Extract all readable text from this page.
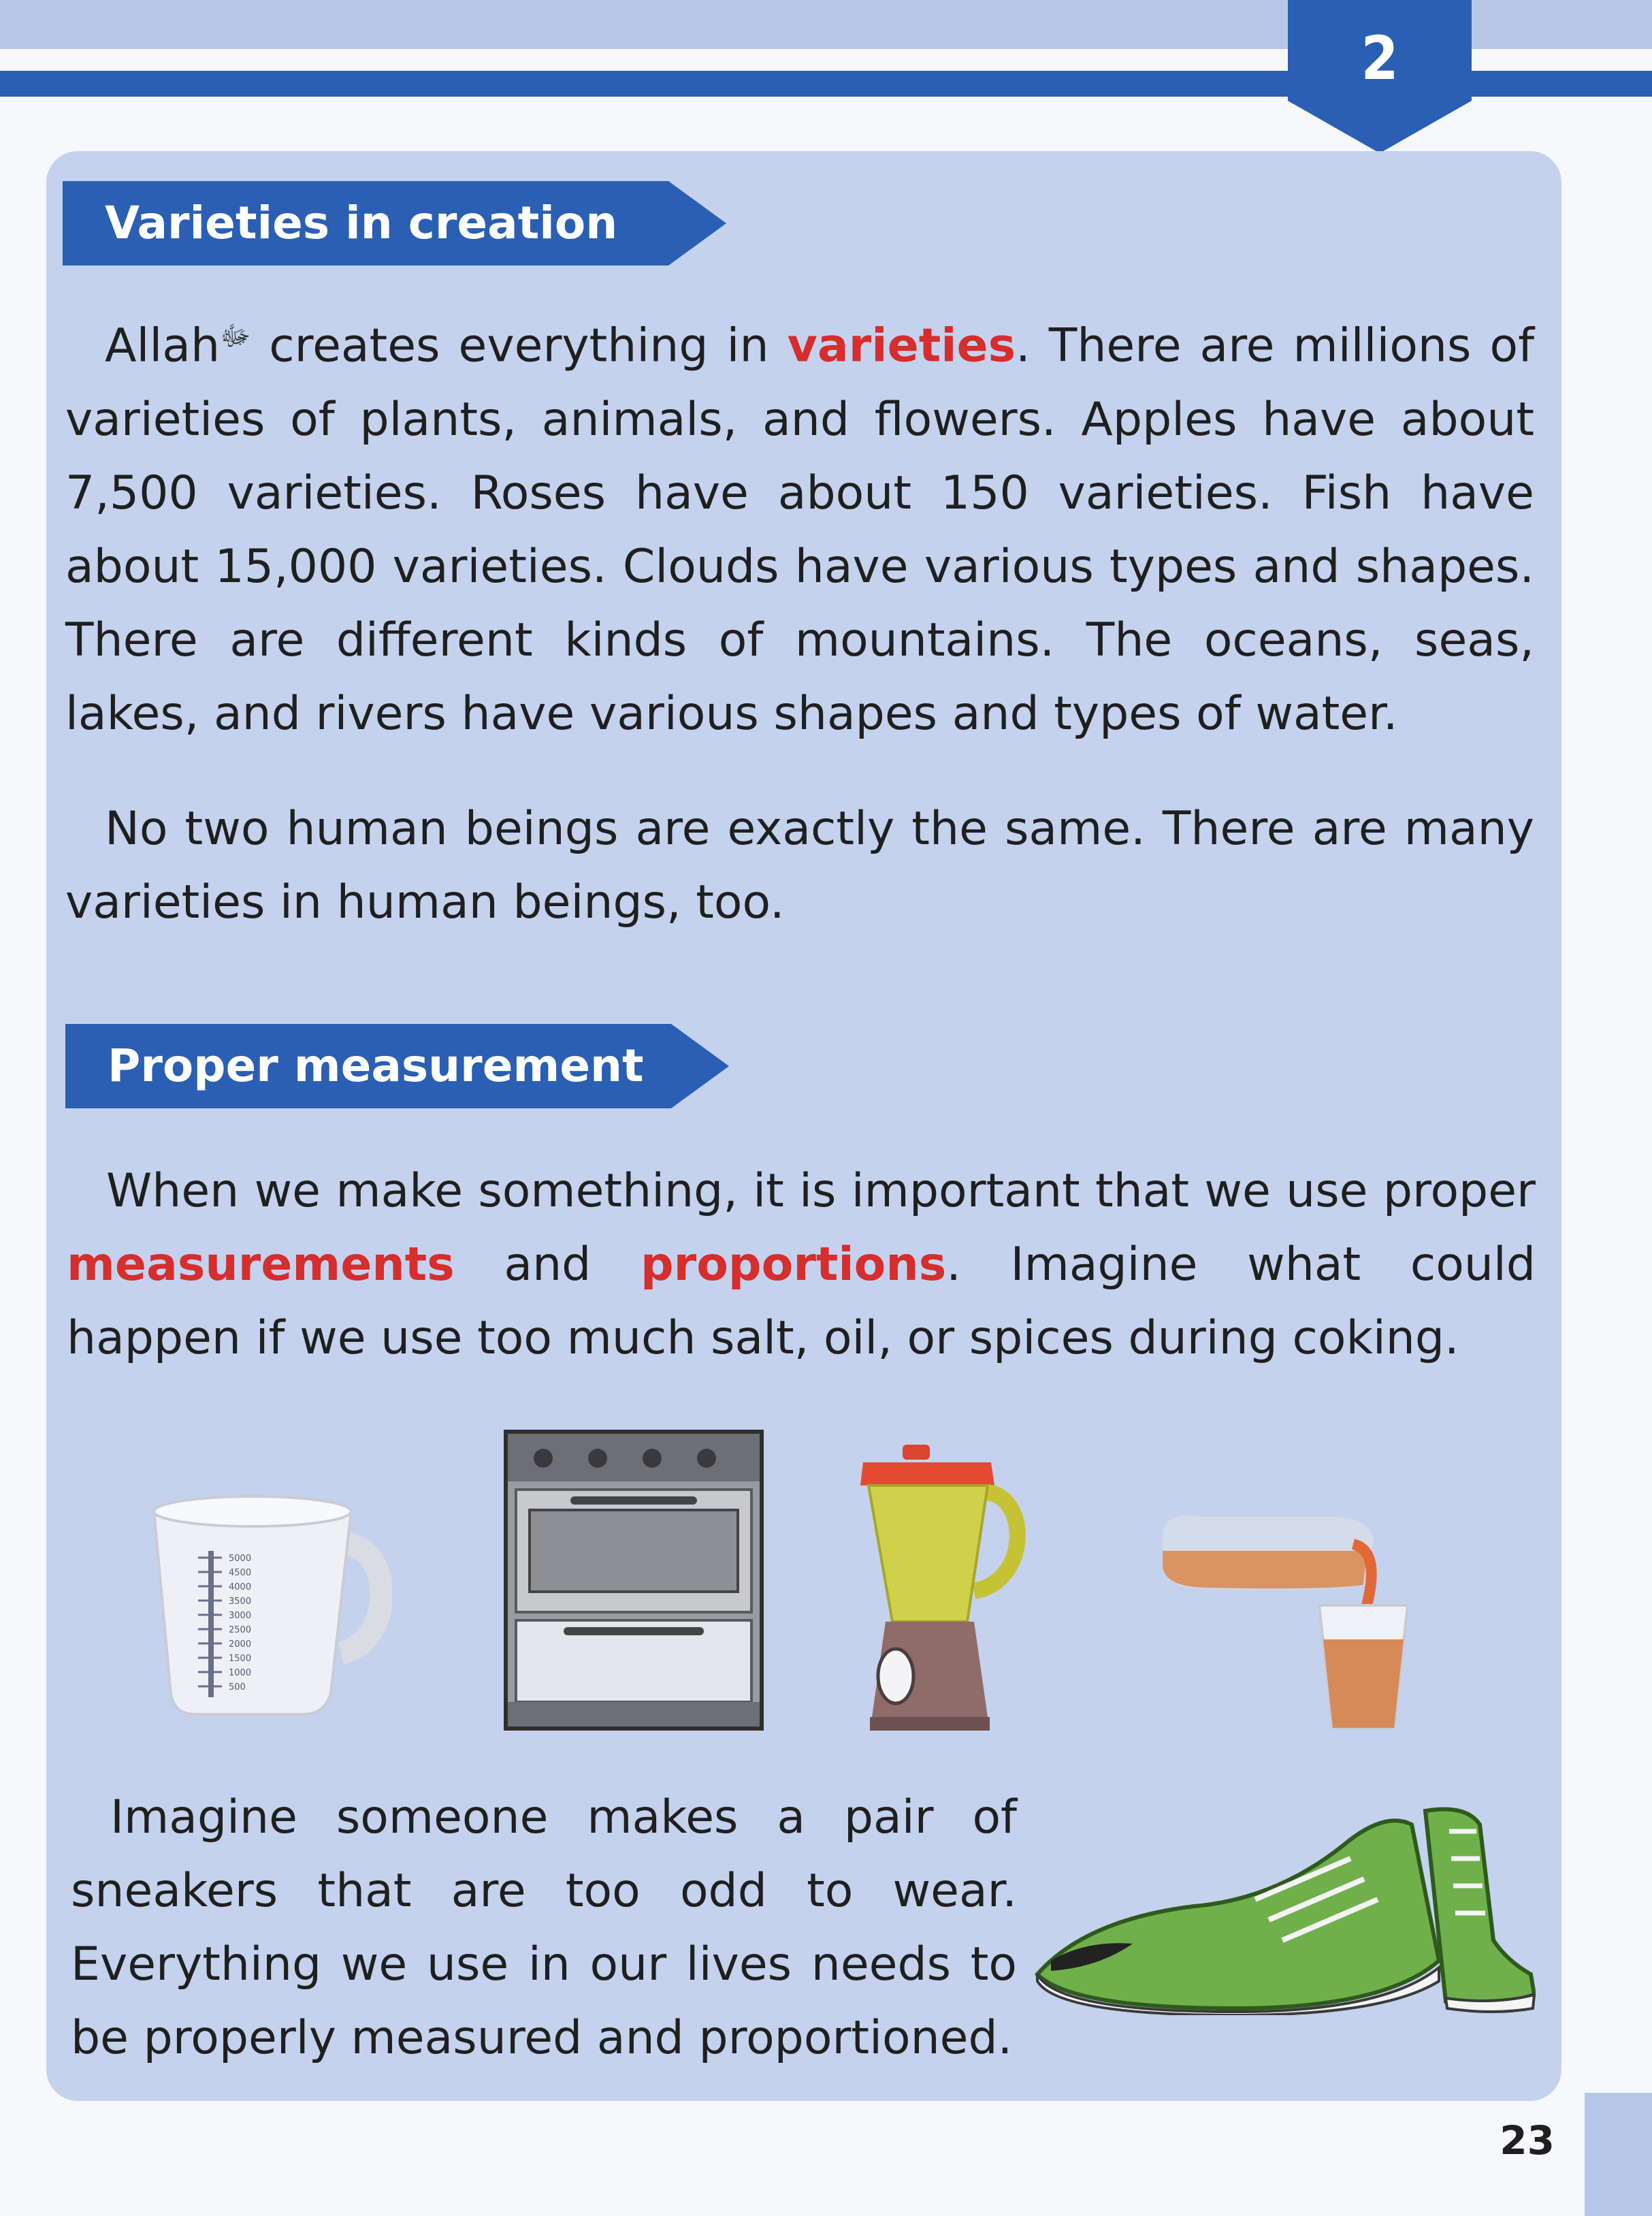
2
Varieties in creation
Allah$^ﷻ$ creates everything in varieties. There are millions of varieties of plants, animals, and flowers. Apples have about 7,500 varieties. Roses have about 150 varieties. Fish have about 15,000 varieties. Clouds have various types and shapes. There are different kinds of mountains. The oceans, seas, lakes, and rivers have various shapes and types of water.
No two human beings are exactly the same. There are many varieties in human beings, too.
Proper measurement
When we make something, it is important that we use proper measurements and proportions. Imagine what could happen if we use too much salt, oil, or spices during coking.
5000
4500
4000
3500
3000
2500
2000
1500
1000
500
Imagine someone makes a pair of sneakers that are too odd to wear. Everything we use in our lives needs to be properly measured and proportioned.
23
